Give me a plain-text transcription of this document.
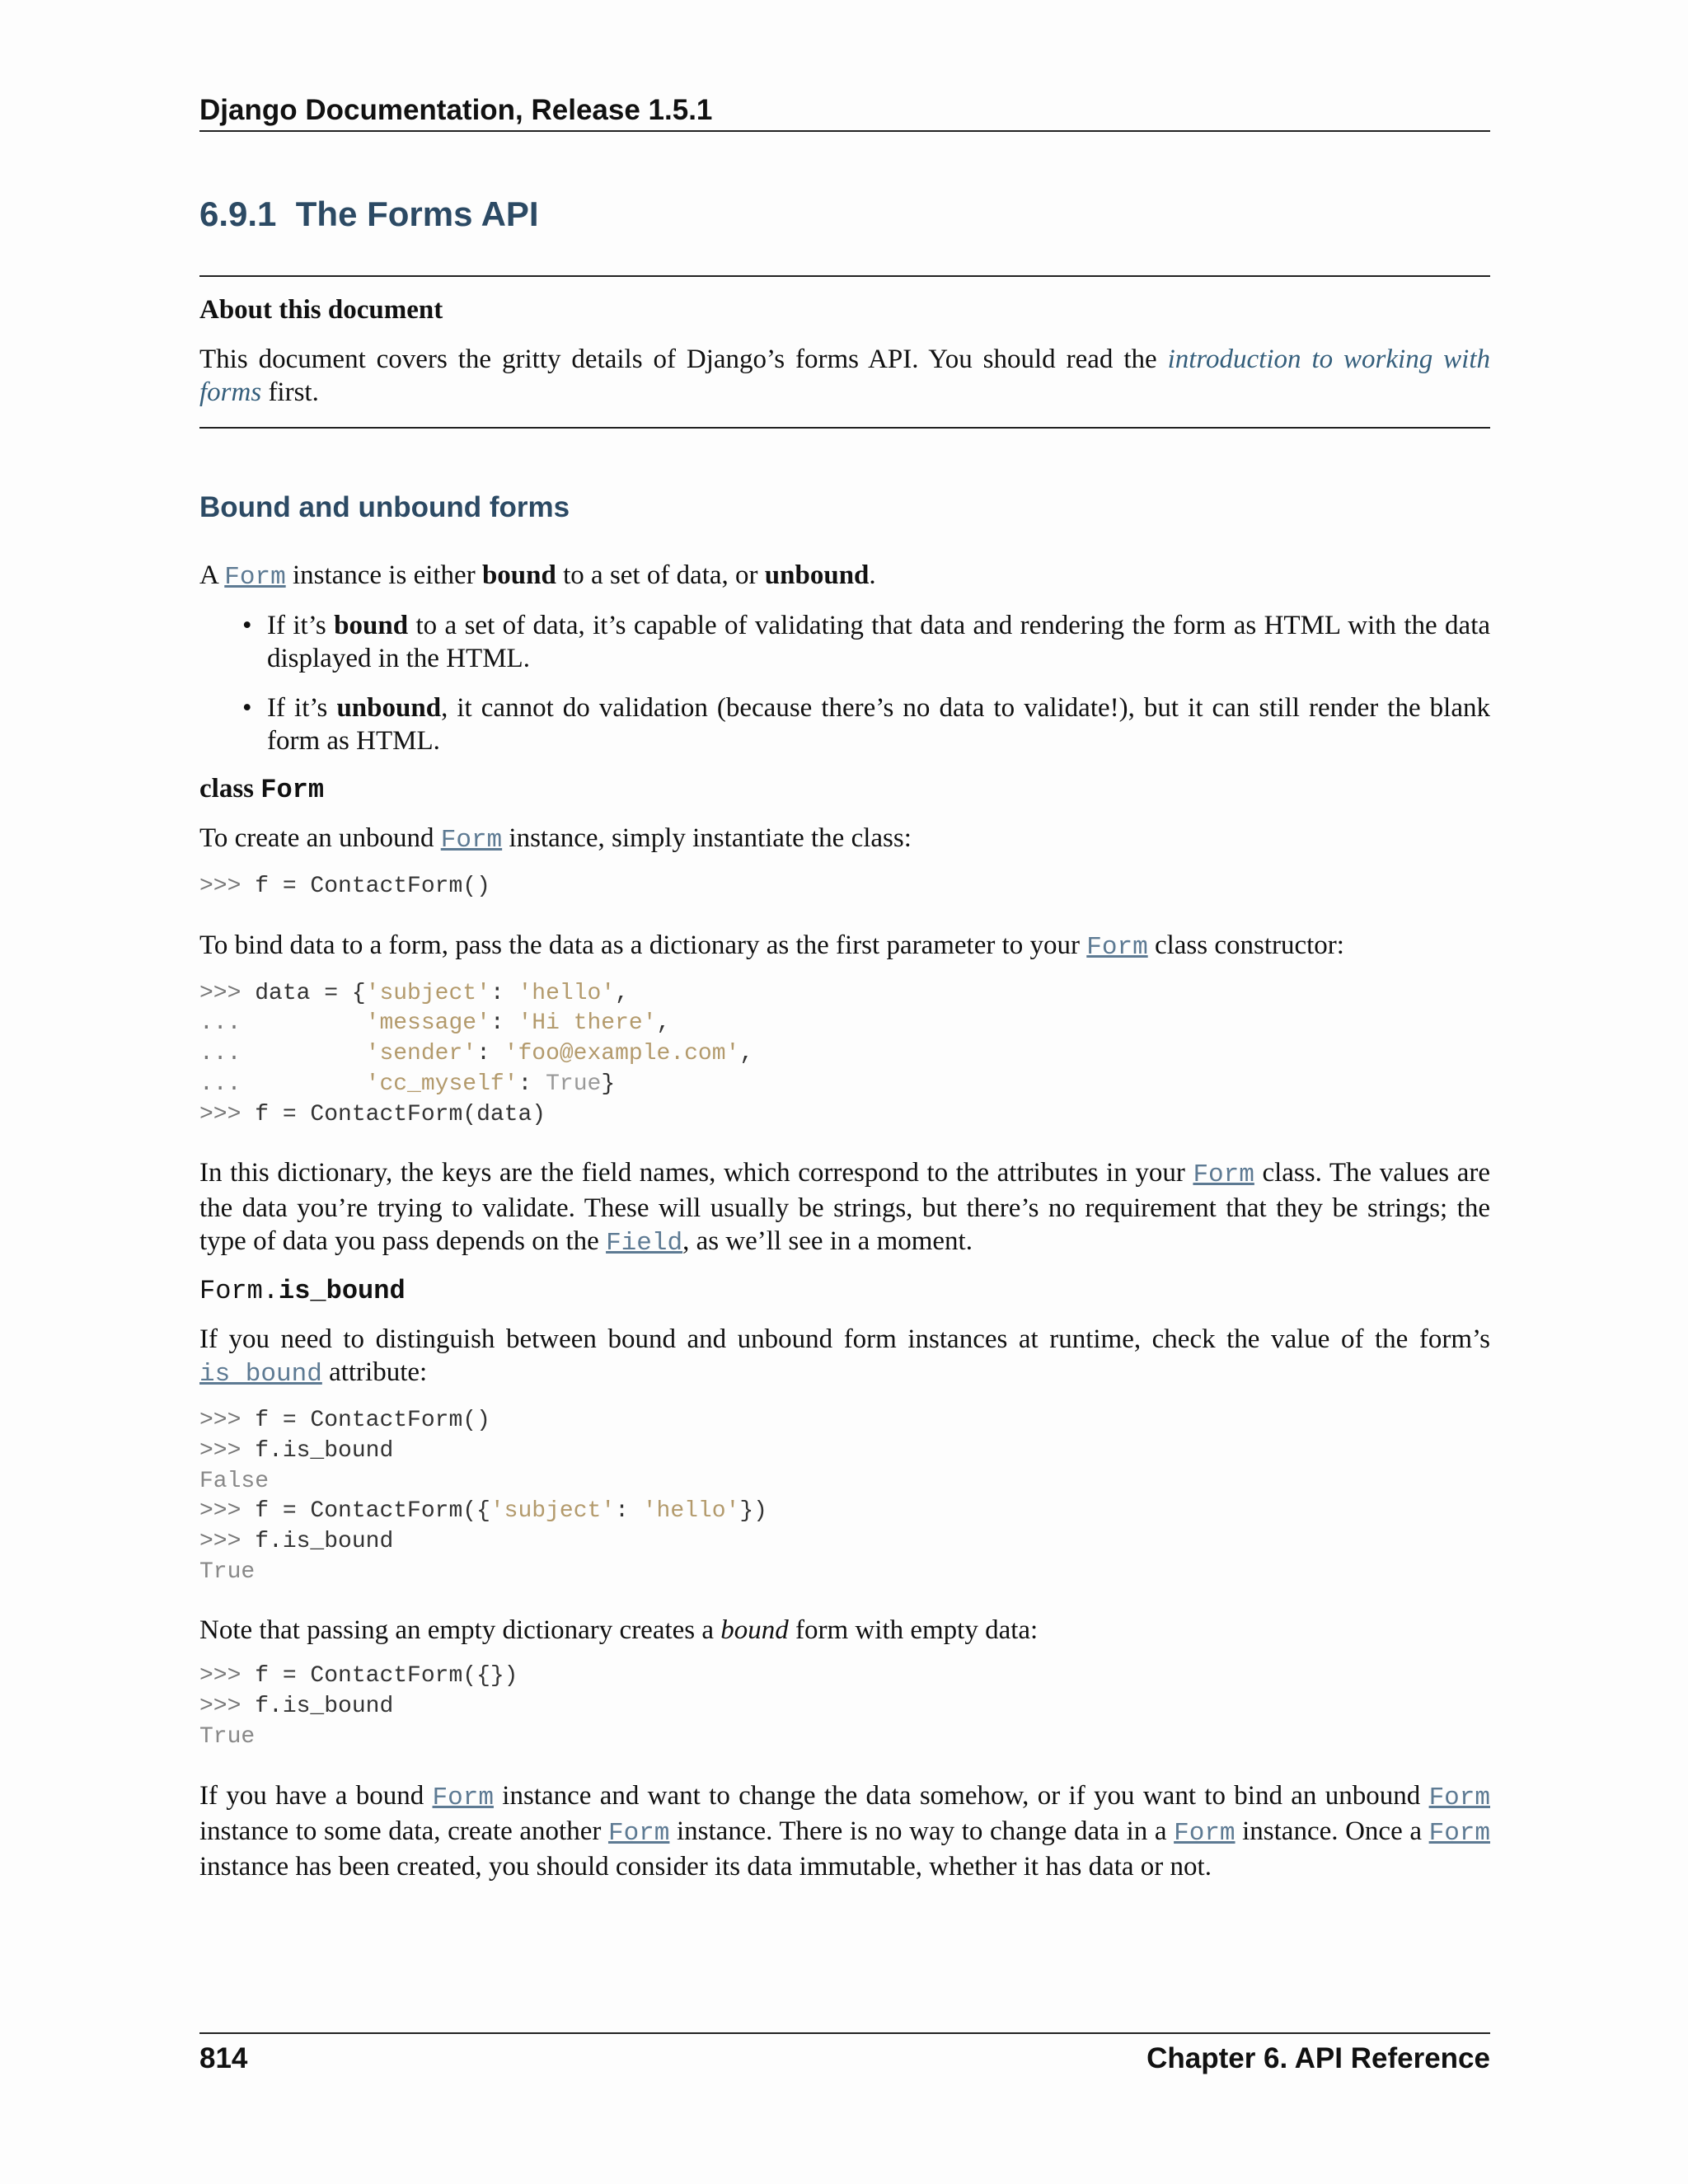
Django Documentation, Release 1.5.1
6.9.1 The Forms API
About this document
This document covers the gritty details of Django’s forms API. You should read the introduction to working with forms first.
Bound and unbound forms

A Form instance is either bound to a set of data, or unbound.

• If it’s bound to a set of data, it’s capable of validating that data and rendering the form as HTML with the data displayed in the HTML.
• If it’s unbound, it cannot do validation (because there’s no data to validate!), but it can still render the blank form as HTML.

class Form

To create an unbound Form instance, simply instantiate the class:

>>> f = ContactForm()

To bind data to a form, pass the data as a dictionary as the first parameter to your Form class constructor:

>>> data = {'subject': 'hello',
...         'message': 'Hi there',
...         'sender': 'foo@example.com',
...         'cc_myself': True}
>>> f = ContactForm(data)

In this dictionary, the keys are the field names, which correspond to the attributes in your Form class. The values are the data you’re trying to validate. These will usually be strings, but there’s no requirement that they be strings; the type of data you pass depends on the Field, as we’ll see in a moment.

Form.is_bound

If you need to distinguish between bound and unbound form instances at runtime, check the value of the form’s is_bound attribute:

>>> f = ContactForm()
>>> f.is_bound
False
>>> f = ContactForm({'subject': 'hello'})
>>> f.is_bound
True

Note that passing an empty dictionary creates a bound form with empty data:

>>> f = ContactForm({})
>>> f.is_bound
True

If you have a bound Form instance and want to change the data somehow, or if you want to bind an unbound Form instance to some data, create another Form instance. There is no way to change data in a Form instance. Once a Form instance has been created, you should consider its data immutable, whether it has data or not.

814	Chapter 6. API Reference
